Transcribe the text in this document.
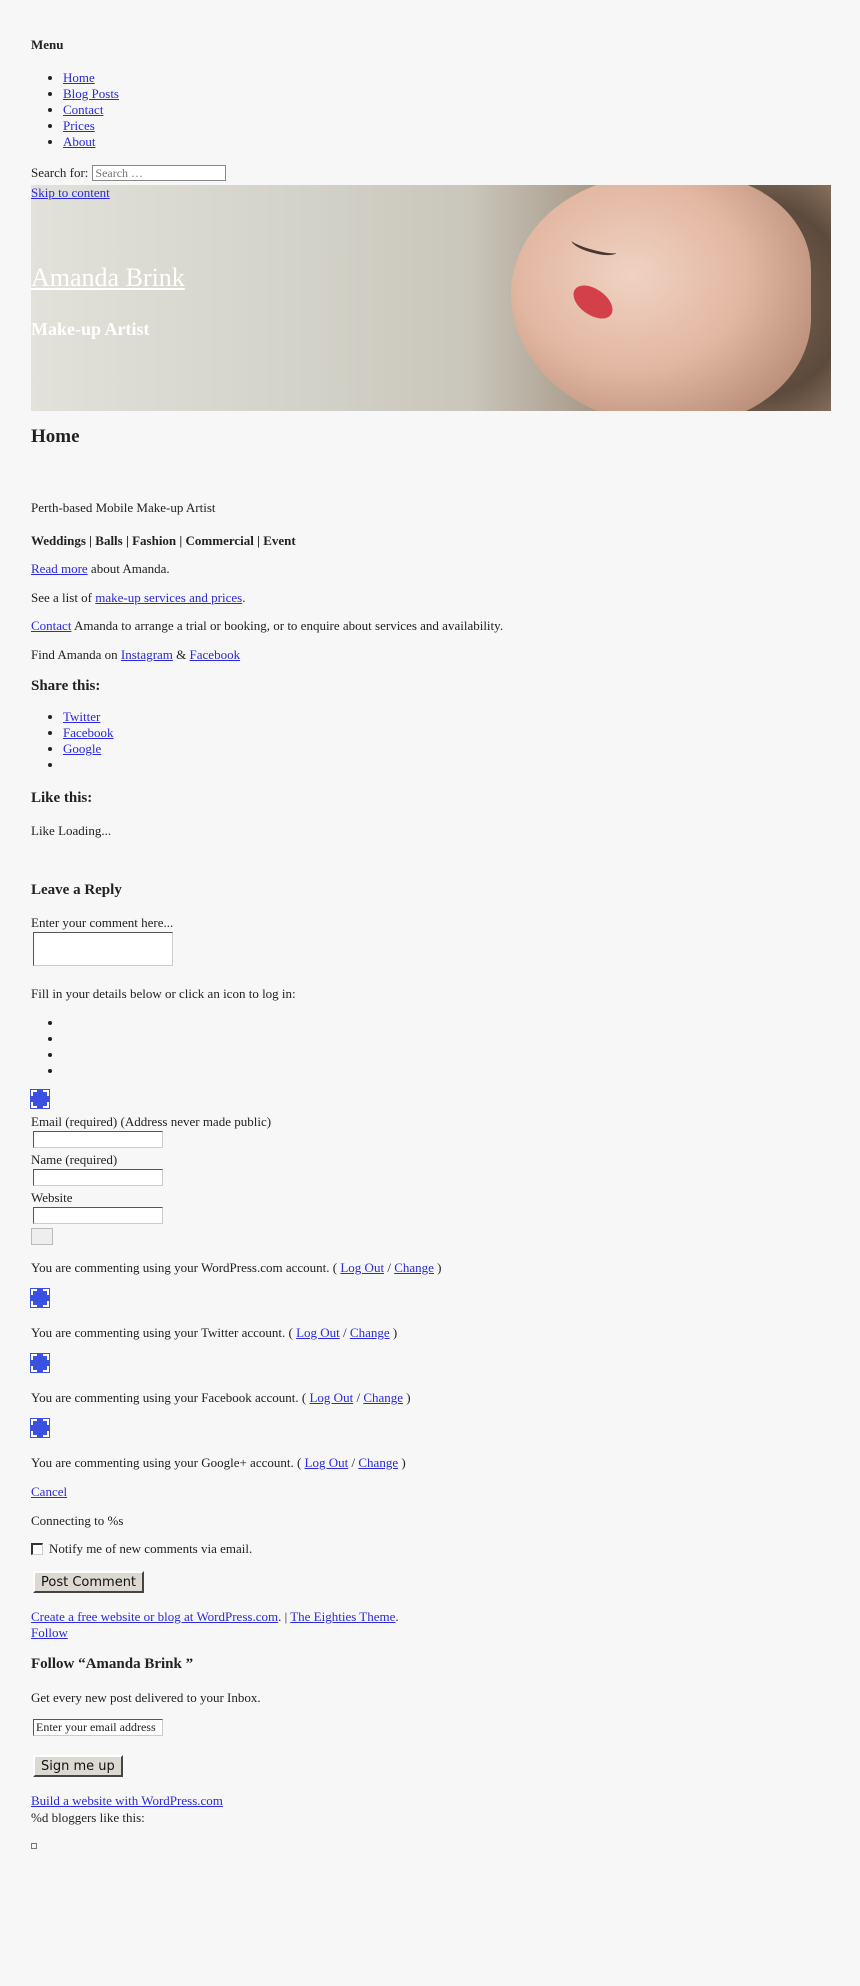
Menu
• Home
• Blog Posts
• Contact
• Prices
• About
Search for:
Search …
Skip to content
Amanda Brink
Make-up Artist
Home
Perth-based Mobile Make-up Artist
Weddings | Balls | Fashion | Commercial | Event
Read more about Amanda.
See a list of make-up services and prices.
Contact Amanda to arrange a trial or booking, or to enquire about services and availability.
Find Amanda on Instagram & Facebook
Share this:
• Twitter
• Facebook
• Google
•
Like this:
Like Loading...
Leave a Reply
Enter your comment here...
Fill in your details below or click an icon to log in:
Email (required) (Address never made public)
Name (required)
Website
You are commenting using your WordPress.com account. ( Log Out / Change )
You are commenting using your Twitter account. ( Log Out / Change )
You are commenting using your Facebook account. ( Log Out / Change )
You are commenting using your Google+ account. ( Log Out / Change )
Cancel
Connecting to %s
Notify me of new comments via email.
Post Comment
Create a free website or blog at WordPress.com. | The Eighties Theme.
Follow
Follow “Amanda Brink ”
Get every new post delivered to your Inbox.
Enter your email address
Sign me up
Build a website with WordPress.com
%d bloggers like this:
